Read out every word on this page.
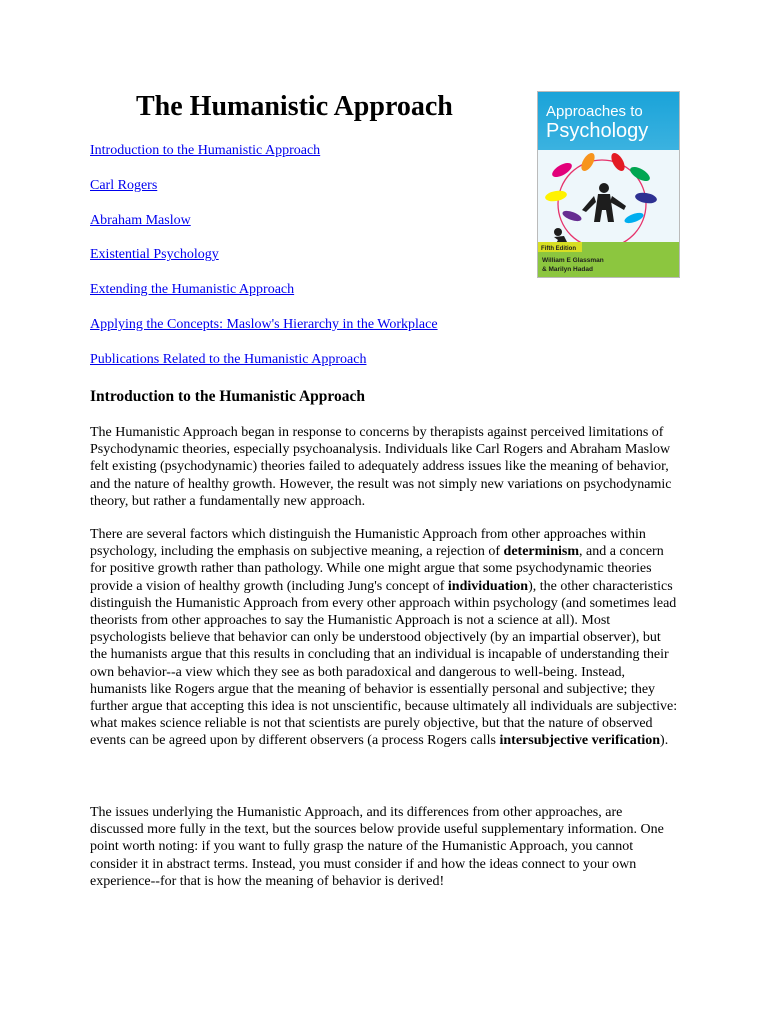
The Humanistic Approach
Introduction to the Humanistic Approach
Carl Rogers
Abraham Maslow
Existential Psychology
Extending the Humanistic Approach
Applying the Concepts: Maslow's Hierarchy in the Workplace
Publications Related to the Humanistic Approach
Approaches to
Psychology
Fifth Edition
William E Glassman
& Marilyn Hadad
Introduction to the Humanistic Approach

The Humanistic Approach began in response to concerns by therapists against perceived limitations of Psychodynamic theories, especially psychoanalysis. Individuals like Carl Rogers and Abraham Maslow felt existing (psychodynamic) theories failed to adequately address issues like the meaning of behavior, and the nature of healthy growth. However, the result was not simply new variations on psychodynamic theory, but rather a fundamentally new approach.

There are several factors which distinguish the Humanistic Approach from other approaches within psychology, including the emphasis on subjective meaning, a rejection of determinism, and a concern for positive growth rather than pathology. While one might argue that some psychodynamic theories provide a vision of healthy growth (including Jung's concept of individuation), the other characteristics distinguish the Humanistic Approach from every other approach within psychology (and sometimes lead theorists from other approaches to say the Humanistic Approach is not a science at all). Most psychologists believe that behavior can only be understood objectively (by an impartial observer), but the humanists argue that this results in concluding that an individual is incapable of understanding their own behavior--a view which they see as both paradoxical and dangerous to well-being. Instead, humanists like Rogers argue that the meaning of behavior is essentially personal and subjective; they further argue that accepting this idea is not unscientific, because ultimately all individuals are subjective: what makes science reliable is not that scientists are purely objective, but that the nature of observed events can be agreed upon by different observers (a process Rogers calls intersubjective verification).

The issues underlying the Humanistic Approach, and its differences from other approaches, are discussed more fully in the text, but the sources below provide useful supplementary information. One point worth noting: if you want to fully grasp the nature of the Humanistic Approach, you cannot consider it in abstract terms. Instead, you must consider if and how the ideas connect to your own experience--for that is how the meaning of behavior is derived!
